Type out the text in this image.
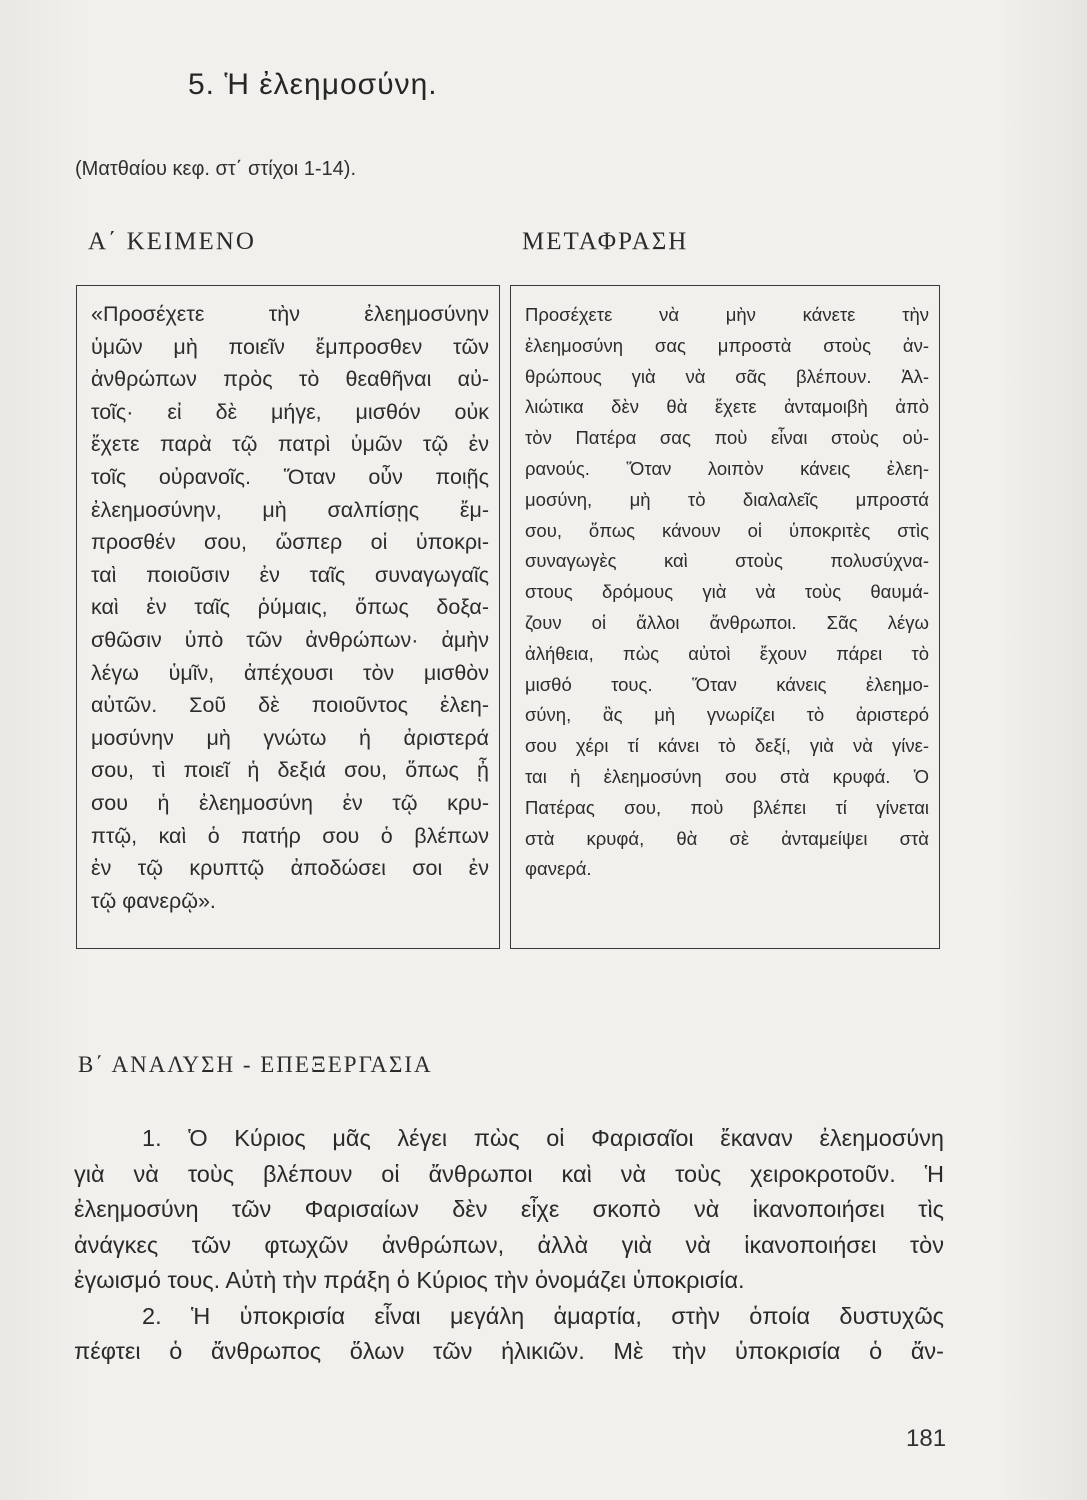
5. Ἡ ἐλεημοσύνη.
(Ματθαίου κεφ. στ΄ στίχοι 1-14).
Α΄ ΚΕΙΜΕΝΟ	ΜΕΤΑΦΡΑΣΗ
«Προσέχετε τὴν ἐλεημοσύνην
ὑμῶν μὴ ποιεῖν ἔμπροσθεν τῶν
ἀνθρώπων πρὸς τὸ θεαθῆναι αὐ-
τοῖς· εἰ δὲ μήγε, μισθόν οὐκ
ἔχετε παρὰ τῷ πατρὶ ὑμῶν τῷ ἐν
τοῖς οὐρανοῖς. Ὅταν οὖν ποιῇς
ἐλεημοσύνην, μὴ σαλπίσῃς ἔμ-
προσθέν σου, ὥσπερ οἱ ὑποκρι-
ταὶ ποιοῦσιν ἐν ταῖς συναγωγαῖς
καὶ ἐν ταῖς ῥύμαις, ὅπως δοξα-
σθῶσιν ὑπὸ τῶν ἀνθρώπων· ἀμὴν
λέγω ὑμῖν, ἀπέχουσι τὸν μισθὸν
αὐτῶν. Σοῦ δὲ ποιοῦντος ἐλεη-
μοσύνην μὴ γνώτω ἡ ἀριστερά
σου, τὶ ποιεῖ ἡ δεξιά σου, ὅπως ᾖ
σου ἡ ἐλεημοσύνη ἐν τῷ κρυ-
πτῷ, καὶ ὁ πατήρ σου ὁ βλέπων
ἐν τῷ κρυπτῷ ἀποδώσει σοι ἐν
τῷ φανερῷ».
Προσέχετε νὰ μὴν κάνετε τὴν
ἐλεημοσύνη σας μπροστὰ στοὺς ἀν-
θρώπους γιὰ νὰ σᾶς βλέπουν. Ἀλ-
λιώτικα δὲν θὰ ἔχετε ἀνταμοιβὴ ἀπὸ
τὸν Πατέρα σας ποὺ εἶναι στοὺς οὐ-
ρανούς. Ὅταν λοιπὸν κάνεις ἐλεη-
μοσύνη, μὴ τὸ διαλαλεῖς μπροστά
σου, ὅπως κάνουν οἱ ὑποκριτὲς στὶς
συναγωγὲς καὶ στοὺς πολυσύχνα-
στους δρόμους γιὰ νὰ τοὺς θαυμά-
ζουν οἱ ἄλλοι ἄνθρωποι. Σᾶς λέγω
ἀλήθεια, πὼς αὐτοὶ ἔχουν πάρει τὸ
μισθό τους. Ὅταν κάνεις ἐλεημο-
σύνη, ἂς μὴ γνωρίζει τὸ ἀριστερό
σου χέρι τί κάνει τὸ δεξί, γιὰ νὰ γίνε-
ται ἡ ἐλεημοσύνη σου στὰ κρυφά. Ὁ
Πατέρας σου, ποὺ βλέπει τί γίνεται
στὰ κρυφά, θὰ σὲ ἀνταμείψει στὰ
φανερά.
Β΄ ΑΝΑΛΥΣΗ - ΕΠΕΞΕΡΓΑΣΙΑ
1. Ὁ Κύριος μᾶς λέγει πὼς οἱ Φαρισαῖοι ἔκαναν ἐλεημοσύνη
γιὰ νὰ τοὺς βλέπουν οἱ ἄνθρωποι καὶ νὰ τοὺς χειροκροτοῦν. Ἡ
ἐλεημοσύνη τῶν Φαρισαίων δὲν εἶχε σκοπὸ νὰ ἱκανοποιήσει τὶς
ἀνάγκες τῶν φτωχῶν ἀνθρώπων, ἀλλὰ γιὰ νὰ ἱκανοποιήσει τὸν
ἐγωισμό τους. Αὐτὴ τὴν πράξη ὁ Κύριος τὴν ὀνομάζει ὑποκρισία.
2. Ἡ ὑποκρισία εἶναι μεγάλη ἁμαρτία, στὴν ὁποία δυστυχῶς
πέφτει ὁ ἄνθρωπος ὅλων τῶν ἡλικιῶν. Μὲ τὴν ὑποκρισία ὁ ἄν-
181
